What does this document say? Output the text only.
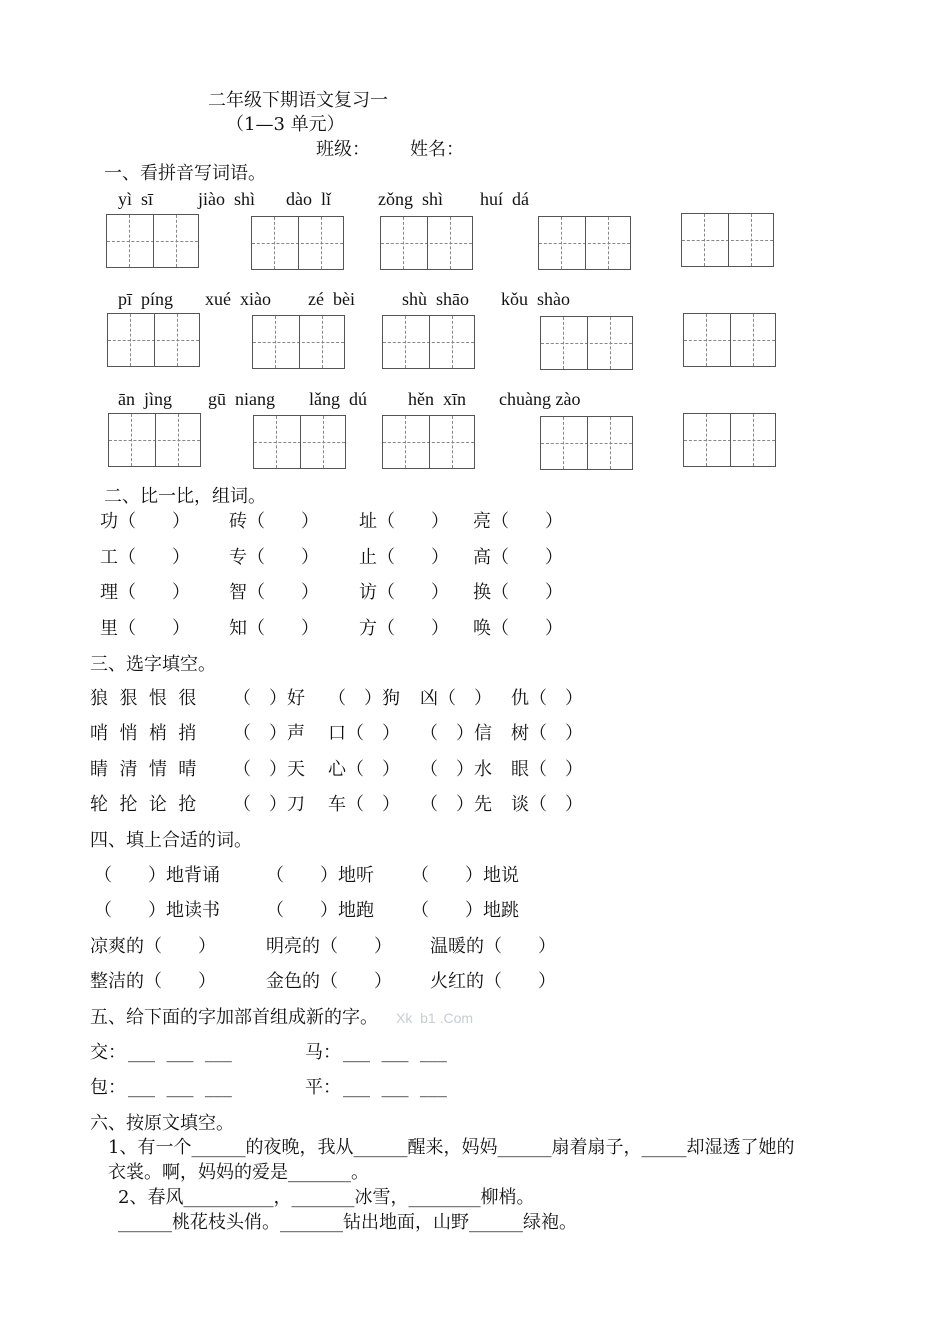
二年级下期语文复习一
（1—3 单元）
班级： 姓名：
一、看拼音写词语。
yì  sī jiào  shì dào  lǐ	zǒng  shì huí  dá
pī  píng xué  xiào zé  bèi	shù  shāo kǒu  shào
ān  jìng gū  niang lǎng  dú hěn  xīn chuàng zào
二、比一比，组词。
功（　　） 砖（　　） 址（　　） 亮（　　）
工（　　） 专（　　） 止（　　） 高（　　）
理（　　） 智（　　） 访（　　） 换（　　）
里（　　） 知（　　） 方（　　） 唤（　　）
三、选字填空。
狼  狠  恨  很 （　）好 （　）狗 凶（　） 仇（　）
哨  悄  梢  捎 （　）声 口（　） （　）信 树（　）
睛  清  情  晴 （　）天 心（　） （　）水 眼（　）
轮  抡  论  抢 （　）刀 车（　） （　）先 谈（　）
四、填上合适的词。
（　　）地背诵	（　　）地听 （　　）地说
（　　）地读书	（　　）地跑 （　　）地跳
凉爽的（　　）	明亮的（　　） 温暖的（　　）
整洁的（　　）	金色的（　　） 火红的（　　）
五、给下面的字加部首组成新的字。 Xk  b1 .Com
交： ___  ___  ___	马： ___  ___  ___
包： ___  ___  ___	平： ___  ___  ___
六、按原文填空。
1、有一个______的夜晚，我从______醒来，妈妈______扇着扇子，_____却湿透了她的
衣裳。啊，妈妈的爱是_______。
2、春风__________，_______冰雪，________柳梢。
______桃花枝头俏。_______钻出地面，山野______绿袍。
